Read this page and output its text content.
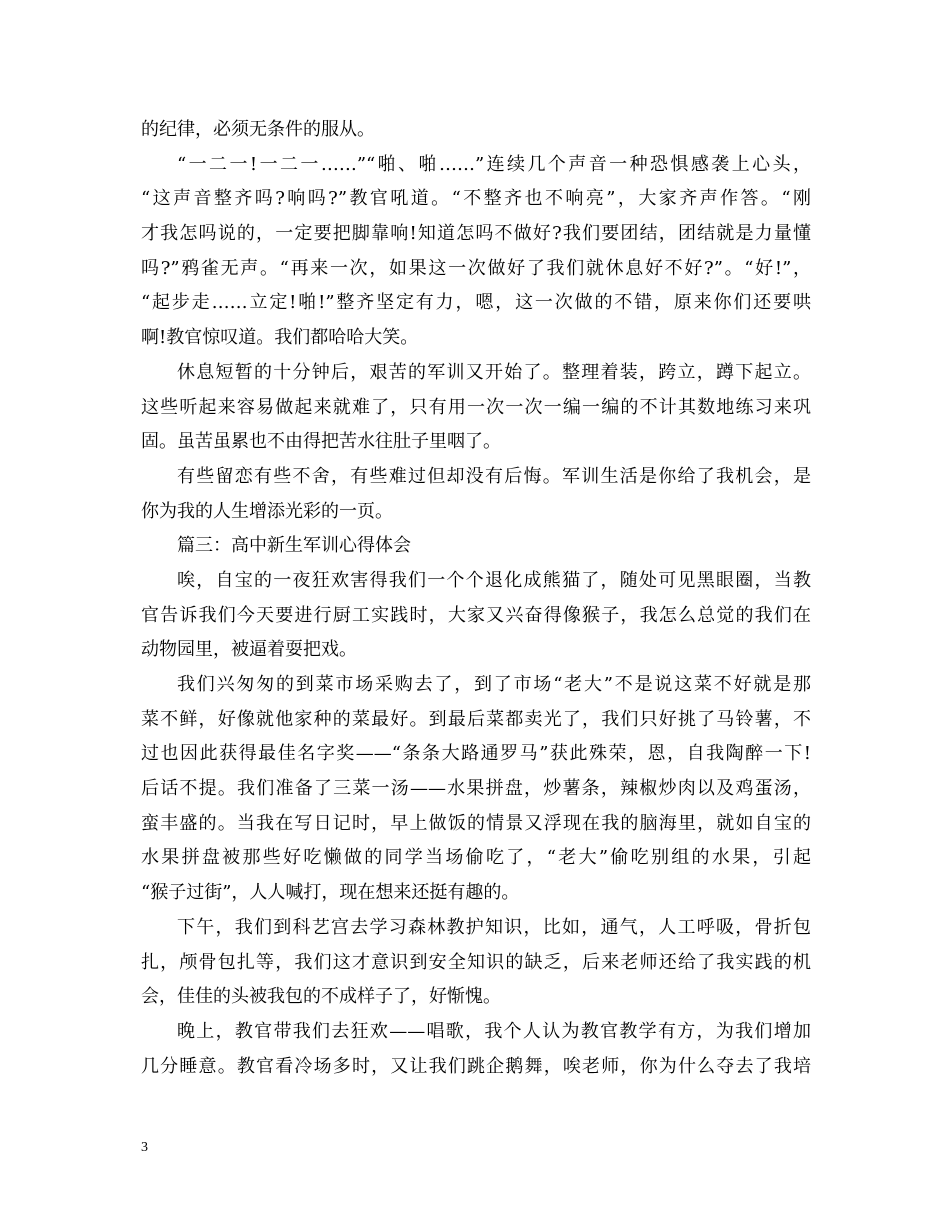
的纪律，必须无条件的服从。
“一二一!一二一……”“啪、啪……”连续几个声音一种恐惧感袭上心头，
“这声音整齐吗?响吗?”教官吼道。“不整齐也不响亮”，大家齐声作答。“刚
才我怎吗说的，一定要把脚靠响!知道怎吗不做好?我们要团结，团结就是力量懂
吗?”鸦雀无声。“再来一次，如果这一次做好了我们就休息好不好?”。“好!”，
“起步走……立定!啪!”整齐坚定有力，嗯，这一次做的不错，原来你们还要哄
啊!教官惊叹道。我们都哈哈大笑。
休息短暂的十分钟后，艰苦的军训又开始了。整理着装，跨立，蹲下起立。
这些听起来容易做起来就难了，只有用一次一次一编一编的不计其数地练习来巩
固。虽苦虽累也不由得把苦水往肚子里咽了。
有些留恋有些不舍，有些难过但却没有后悔。军训生活是你给了我机会，是
你为我的人生增添光彩的一页。
篇三：高中新生军训心得体会
唉，自宝的一夜狂欢害得我们一个个退化成熊猫了，随处可见黑眼圈，当教
官告诉我们今天要进行厨工实践时，大家又兴奋得像猴子，我怎么总觉的我们在
动物园里，被逼着耍把戏。
我们兴匆匆的到菜市场采购去了，到了市场“老大”不是说这菜不好就是那
菜不鲜，好像就他家种的菜最好。到最后菜都卖光了，我们只好挑了马铃薯，不
过也因此获得最佳名字奖——“条条大路通罗马”获此殊荣，恩，自我陶醉一下!
后话不提。我们准备了三菜一汤——水果拼盘，炒薯条，辣椒炒肉以及鸡蛋汤，
蛮丰盛的。当我在写日记时，早上做饭的情景又浮现在我的脑海里，就如自宝的
水果拼盘被那些好吃懒做的同学当场偷吃了，“老大”偷吃别组的水果，引起
“猴子过街”，人人喊打，现在想来还挺有趣的。
下午，我们到科艺宫去学习森林教护知识，比如，通气，人工呼吸，骨折包
扎，颅骨包扎等，我们这才意识到安全知识的缺乏，后来老师还给了我实践的机
会，佳佳的头被我包的不成样子了，好惭愧。
晚上，教官带我们去狂欢——唱歌，我个人认为教官教学有方，为我们增加
几分睡意。教官看冷场多时，又让我们跳企鹅舞，唉老师，你为什么夺去了我培
3
